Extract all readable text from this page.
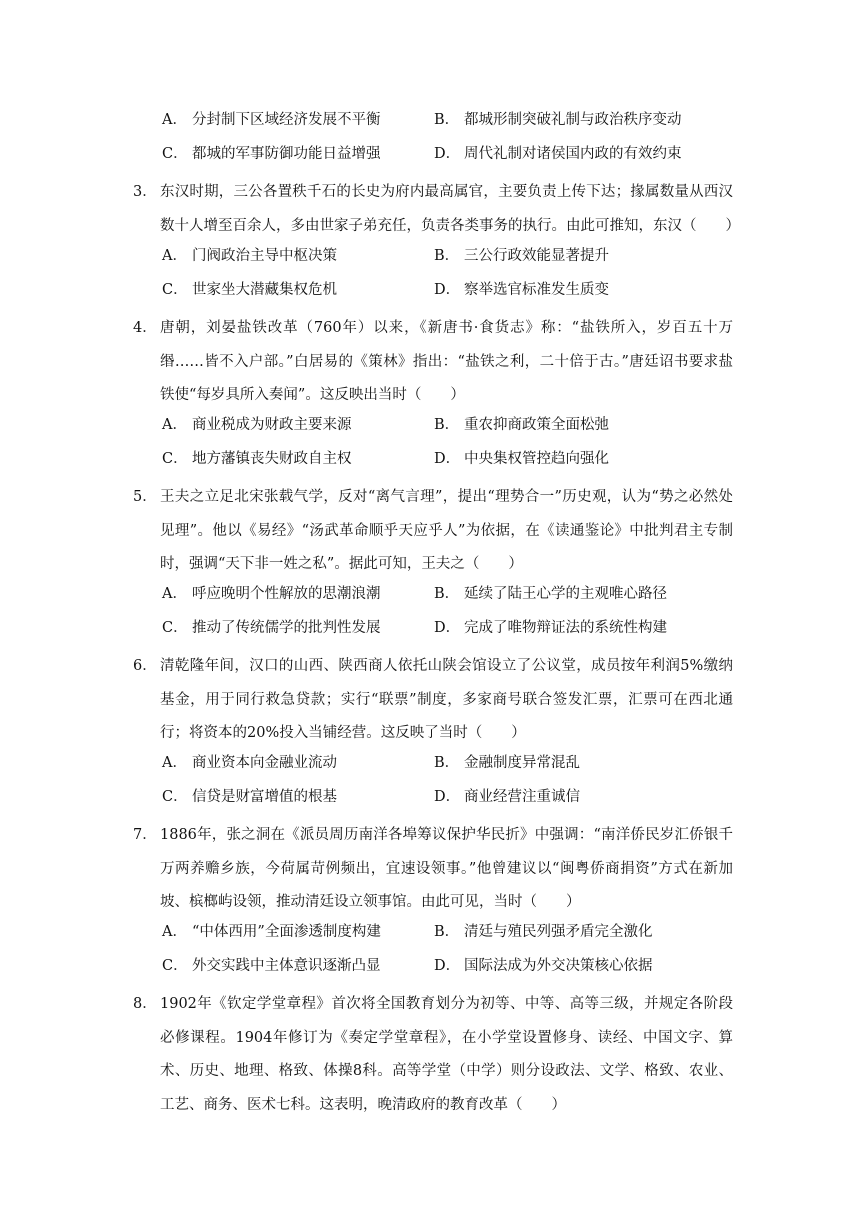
A． 分封制下区域经济发展不平衡	B． 都城形制突破礼制与政治秩序变动
C． 都城的军事防御功能日益增强	D． 周代礼制对诸侯国内政的有效约束
3． 东汉时期，三公各置秩千石的长史为府内最高属官，主要负责上传下达；掾属数量从西汉数十人增至百余人，多由世家子弟充任，负责各类事务的执行。由此可推知，东汉（　　）
A． 门阀政治主导中枢决策	B． 三公行政效能显著提升
C． 世家坐大潜藏集权危机	D． 察举选官标准发生质变
4． 唐朝，刘晏盐铁改革（760年）以来，《新唐书·食货志》称：“盐铁所入，岁百五十万缗……皆不入户部。”白居易的《策林》指出：“盐铁之利，二十倍于古。”唐廷诏书要求盐铁使“每岁具所入奏闻”。这反映出当时（　　）
A． 商业税成为财政主要来源	B． 重农抑商政策全面松弛
C． 地方藩镇丧失财政自主权	D． 中央集权管控趋向强化
5． 王夫之立足北宋张载气学，反对“离气言理”，提出“理势合一”历史观，认为“势之必然处见理”。他以《易经》“汤武革命顺乎天应乎人”为依据，在《读通鉴论》中批判君主专制时，强调“天下非一姓之私”。据此可知，王夫之（　　）
A． 呼应晚明个性解放的思潮浪潮	B． 延续了陆王心学的主观唯心路径
C． 推动了传统儒学的批判性发展	D． 完成了唯物辩证法的系统性构建
6． 清乾隆年间，汉口的山西、陕西商人依托山陕会馆设立了公议堂，成员按年利润5%缴纳基金，用于同行救急贷款；实行“联票”制度，多家商号联合签发汇票，汇票可在西北通行；将资本的20%投入当铺经营。这反映了当时（　　）
A． 商业资本向金融业流动	B． 金融制度异常混乱
C． 信贷是财富增值的根基	D． 商业经营注重诚信
7． 1886年，张之洞在《派员周历南洋各埠筹议保护华民折》中强调：“南洋侨民岁汇侨银千万两养赡乡族，今荷属苛例频出，宜速设领事。”他曾建议以“闽粤侨商捐资”方式在新加坡、槟榔屿设领，推动清廷设立领事馆。由此可见，当时（　　）
A． “中体西用”全面渗透制度构建	B． 清廷与殖民列强矛盾完全激化
C． 外交实践中主体意识逐渐凸显	D． 国际法成为外交决策核心依据
8． 1902年《钦定学堂章程》首次将全国教育划分为初等、中等、高等三级，并规定各阶段必修课程。1904年修订为《奏定学堂章程》，在小学堂设置修身、读经、中国文字、算术、历史、地理、格致、体操8科。高等学堂（中学）则分设政法、文学、格致、农业、工艺、商务、医术七科。这表明，晚清政府的教育改革（　　）
